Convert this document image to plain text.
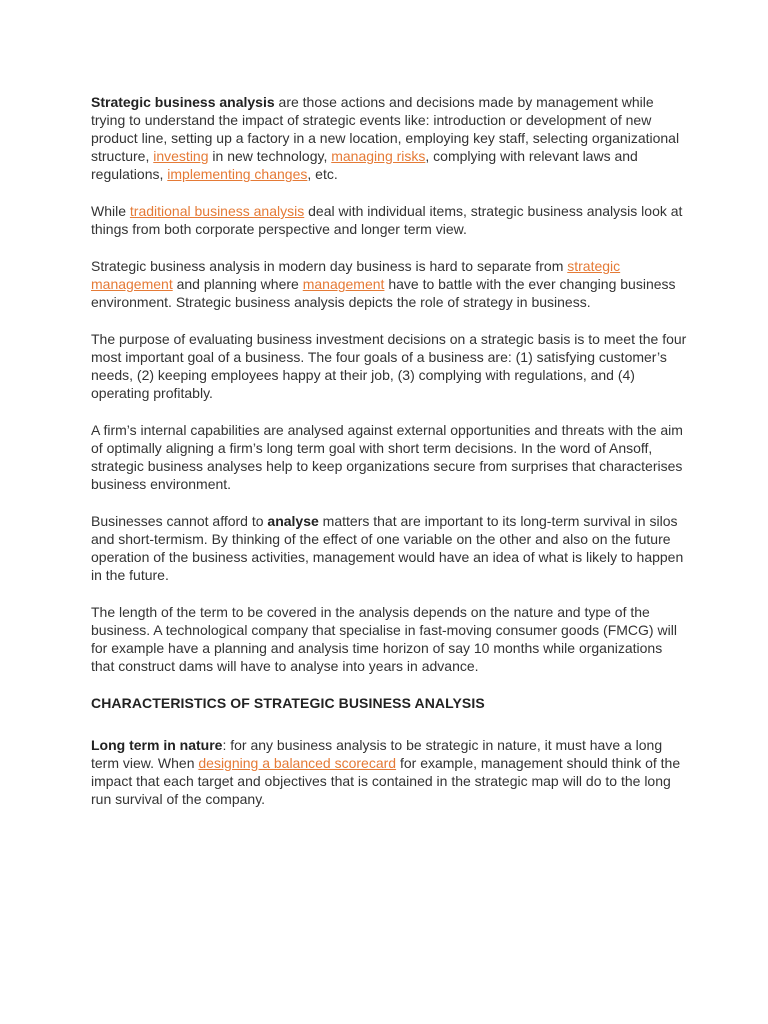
Strategic business analysis are those actions and decisions made by management while trying to understand the impact of strategic events like: introduction or development of new product line, setting up a factory in a new location, employing key staff, selecting organizational structure, investing in new technology, managing risks, complying with relevant laws and regulations, implementing changes, etc.

While traditional business analysis deal with individual items, strategic business analysis look at things from both corporate perspective and longer term view.

Strategic business analysis in modern day business is hard to separate from strategic management and planning where management have to battle with the ever changing business environment. Strategic business analysis depicts the role of strategy in business.

The purpose of evaluating business investment decisions on a strategic basis is to meet the four most important goal of a business. The four goals of a business are: (1) satisfying customer’s needs, (2) keeping employees happy at their job, (3) complying with regulations, and (4) operating profitably.

A firm’s internal capabilities are analysed against external opportunities and threats with the aim of optimally aligning a firm’s long term goal with short term decisions. In the word of Ansoff, strategic business analyses help to keep organizations secure from surprises that characterises business environment.

Businesses cannot afford to analyse matters that are important to its long-term survival in silos and short-termism. By thinking of the effect of one variable on the other and also on the future operation of the business activities, management would have an idea of what is likely to happen in the future.

The length of the term to be covered in the analysis depends on the nature and type of the business. A technological company that specialise in fast-moving consumer goods (FMCG) will for example have a planning and analysis time horizon of say 10 months while organizations that construct dams will have to analyse into years in advance.

CHARACTERISTICS OF STRATEGIC BUSINESS ANALYSIS

Long term in nature: for any business analysis to be strategic in nature, it must have a long term view. When designing a balanced scorecard for example, management should think of the impact that each target and objectives that is contained in the strategic map will do to the long run survival of the company.
